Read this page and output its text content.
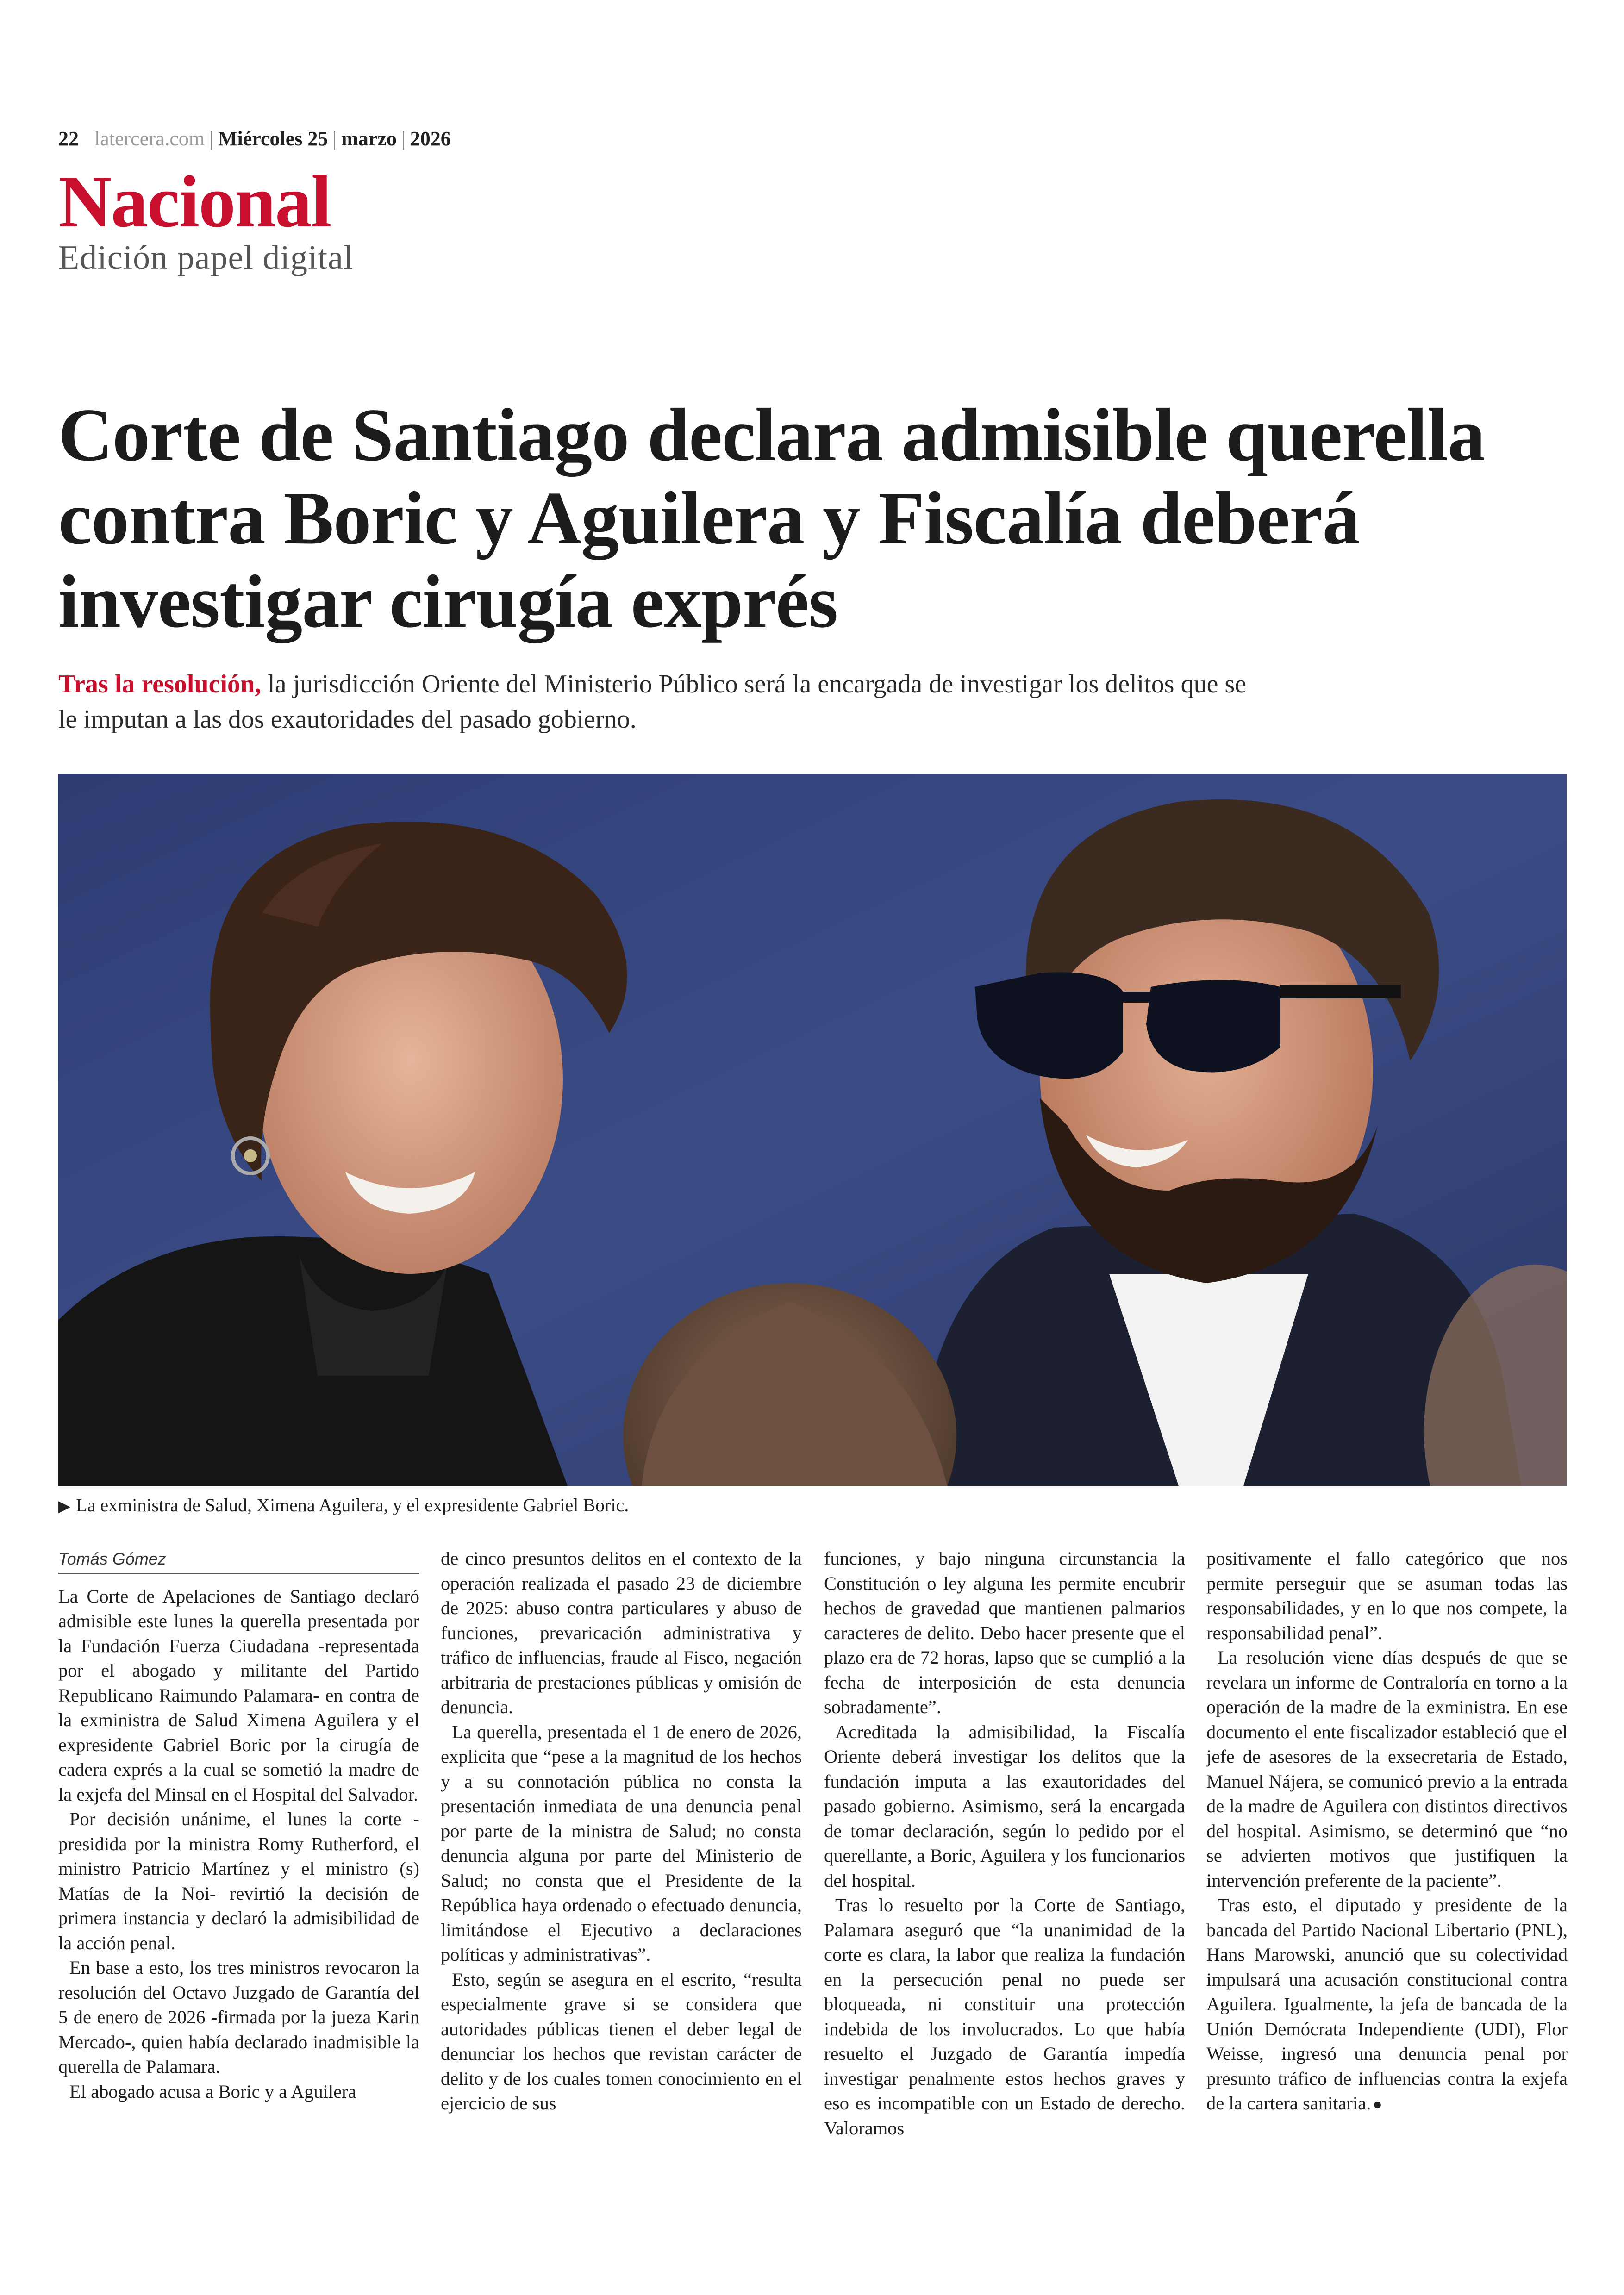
22 latercera.com | Miércoles 25 | marzo | 2026
Nacional
Edición papel digital
Corte de Santiago declara admisible querella contra Boric y Aguilera y Fiscalía deberá investigar cirugía exprés

Tras la resolución, la jurisdicción Oriente del Ministerio Público será la encargada de investigar los delitos que se le imputan a las dos exautoridades del pasado gobierno.

▶ La exministra de Salud, Ximena Aguilera, y el expresidente Gabriel Boric.
Tomás Gómez

La Corte de Apelaciones de Santiago declaró admisible este lunes la querella presentada por la Fundación Fuerza Ciudadana -representada por el abogado y militante del Partido Republicano Raimundo Palamara- en contra de la exministra de Salud Ximena Aguilera y el expresidente Gabriel Boric por la cirugía de cadera exprés a la cual se sometió la madre de la exjefa del Minsal en el Hospital del Salvador.

Por decisión unánime, el lunes la corte -presidida por la ministra Romy Rutherford, el ministro Patricio Martínez y el ministro (s) Matías de la Noi- revirtió la decisión de primera instancia y declaró la admisibilidad de la acción penal.

En base a esto, los tres ministros revocaron la resolución del Octavo Juzgado de Garantía del 5 de enero de 2026 -firmada por la jueza Karin Mercado-, quien había declarado inadmisible la querella de Palamara.

El abogado acusa a Boric y a Aguilera

de cinco presuntos delitos en el contexto de la operación realizada el pasado 23 de diciembre de 2025: abuso contra particulares y abuso de funciones, prevaricación administrativa y tráfico de influencias, fraude al Fisco, negación arbitraria de prestaciones públicas y omisión de denuncia.

La querella, presentada el 1 de enero de 2026, explicita que “pese a la magnitud de los hechos y a su connotación pública no consta la presentación inmediata de una denuncia penal por parte de la ministra de Salud; no consta denuncia alguna por parte del Ministerio de Salud; no consta que el Presidente de la República haya ordenado o efectuado denuncia, limitándose el Ejecutivo a declaraciones políticas y administrativas”.

Esto, según se asegura en el escrito, “resulta especialmente grave si se considera que autoridades públicas tienen el deber legal de denunciar los hechos que revistan carácter de delito y de los cuales tomen conocimiento en el ejercicio de sus

funciones, y bajo ninguna circunstancia la Constitución o ley alguna les permite encubrir hechos de gravedad que mantienen palmarios caracteres de delito. Debo hacer presente que el plazo era de 72 horas, lapso que se cumplió a la fecha de interposición de esta denuncia sobradamente”.

Acreditada la admisibilidad, la Fiscalía Oriente deberá investigar los delitos que la fundación imputa a las exautoridades del pasado gobierno. Asimismo, será la encargada de tomar declaración, según lo pedido por el querellante, a Boric, Aguilera y los funcionarios del hospital.

Tras lo resuelto por la Corte de Santiago, Palamara aseguró que “la unanimidad de la corte es clara, la labor que realiza la fundación en la persecución penal no puede ser bloqueada, ni constituir una protección indebida de los involucrados. Lo que había resuelto el Juzgado de Garantía impedía investigar penalmente estos hechos graves y eso es incompatible con un Estado de derecho. Valoramos

positivamente el fallo categórico que nos permite perseguir que se asuman todas las responsabilidades, y en lo que nos compete, la responsabilidad penal”.

La resolución viene días después de que se revelara un informe de Contraloría en torno a la operación de la madre de la exministra. En ese documento el ente fiscalizador estableció que el jefe de asesores de la exsecretaria de Estado, Manuel Nájera, se comunicó previo a la entrada de la madre de Aguilera con distintos directivos del hospital. Asimismo, se determinó que “no se advierten motivos que justifiquen la intervención preferente de la paciente”.

Tras esto, el diputado y presidente de la bancada del Partido Nacional Libertario (PNL), Hans Marowski, anunció que su colectividad impulsará una acusación constitucional contra Aguilera. Igualmente, la jefa de bancada de la Unión Demócrata Independiente (UDI), Flor Weisse, ingresó una denuncia penal por presunto tráfico de influencias contra la exjefa de la cartera sanitaria. ●
